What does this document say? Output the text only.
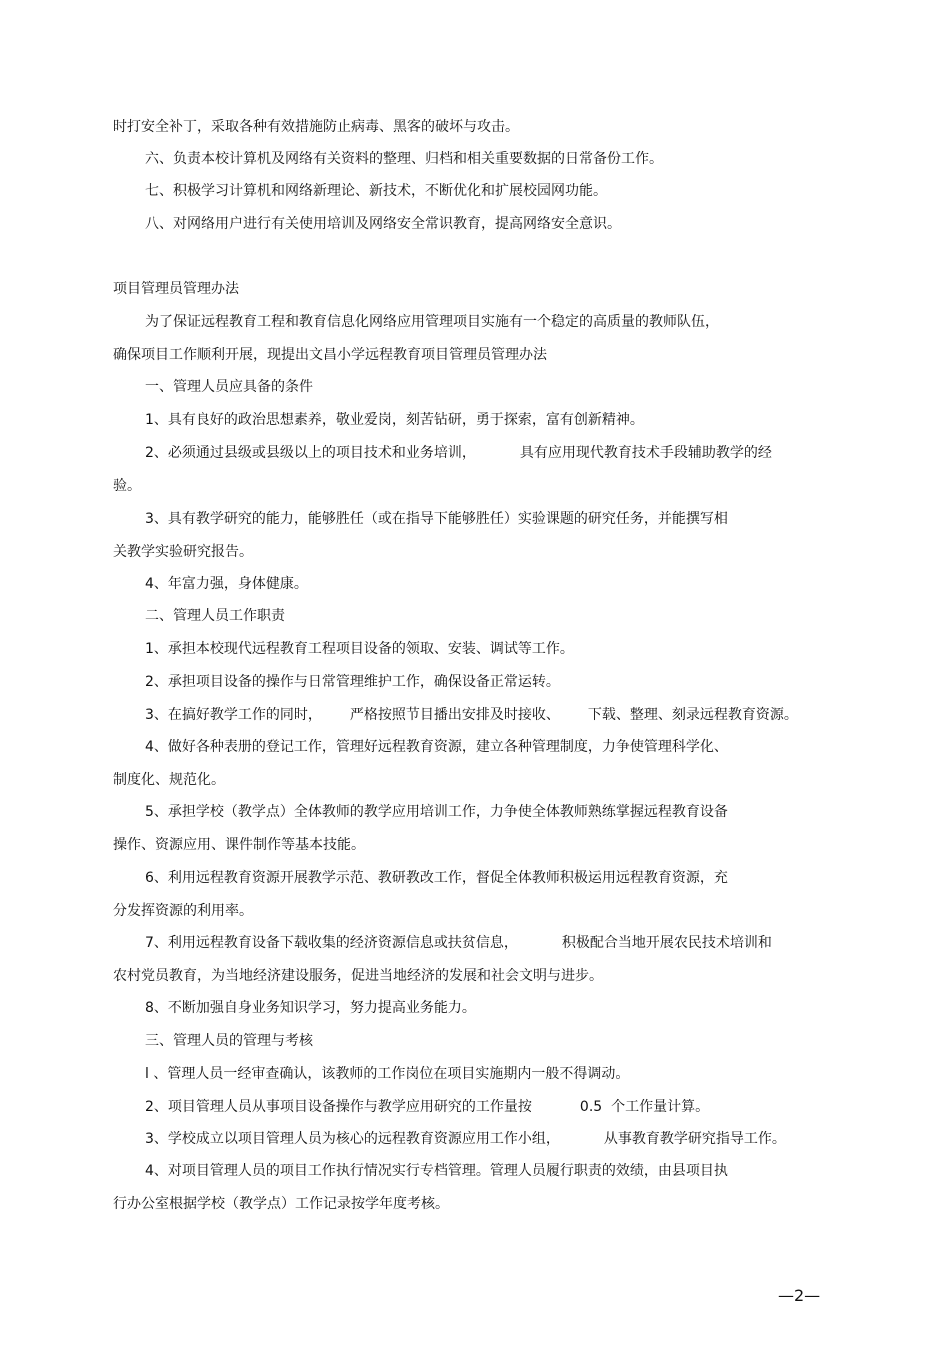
时打安全补丁，采取各种有效措施防止病毒、黑客的破坏与攻击。
六、负责本校计算机及网络有关资料的整理、归档和相关重要数据的日常备份工作。
七、积极学习计算机和网络新理论、新技术，不断优化和扩展校园网功能。
八、对网络用户进行有关使用培训及网络安全常识教育，提高网络安全意识。
项目管理员管理办法
为了保证远程教育工程和教育信息化网络应用管理项目实施有一个稳定的高质量的教师队伍，
确保项目工作顺利开展，现提出文昌小学远程教育项目管理员管理办法
一、管理人员应具备的条件
1、具有良好的政治思想素养，敬业爱岗，刻苦钻研，勇于探索，富有创新精神。
2、必须通过县级或县级以上的项目技术和业务培训，	具有应用现代教育技术手段辅助教学的经
验。
3、具有教学研究的能力，能够胜任（或在指导下能够胜任）实验课题的研究任务，并能撰写相
关教学实验研究报告。
4、年富力强，身体健康。
二、管理人员工作职责
1、承担本校现代远程教育工程项目设备的领取、安装、调试等工作。
2、承担项目设备的操作与日常管理维护工作，确保设备正常运转。
3、在搞好教学工作的同时， 严格按照节目播出安排及时接收、 下载、整理、刻录远程教育资源。
4、做好各种表册的登记工作，管理好远程教育资源，建立各种管理制度，力争使管理科学化、
制度化、规范化。
5、承担学校（教学点）全体教师的教学应用培训工作，力争使全体教师熟练掌握远程教育设备
操作、资源应用、课件制作等基本技能。
6、利用远程教育资源开展教学示范、教研教改工作，督促全体教师积极运用远程教育资源，充
分发挥资源的利用率。
7、利用远程教育设备下载收集的经济资源信息或扶贫信息，	积极配合当地开展农民技术培训和
农村党员教育，为当地经济建设服务，促进当地经济的发展和社会文明与进步。
8、不断加强自身业务知识学习，努力提高业务能力。
三、管理人员的管理与考核
l 、管理人员一经审查确认，该教师的工作岗位在项目实施期内一般不得调动。
2、项目管理人员从事项目设备操作与教学应用研究的工作量按	0.5  个工作量计算。
3、学校成立以项目管理人员为核心的远程教育资源应用工作小组，	从事教育教学研究指导工作。
4、对项目管理人员的项目工作执行情况实行专档管理。管理人员履行职责的效绩，由县项目执
行办公室根据学校（教学点）工作记录按学年度考核。
—2—
